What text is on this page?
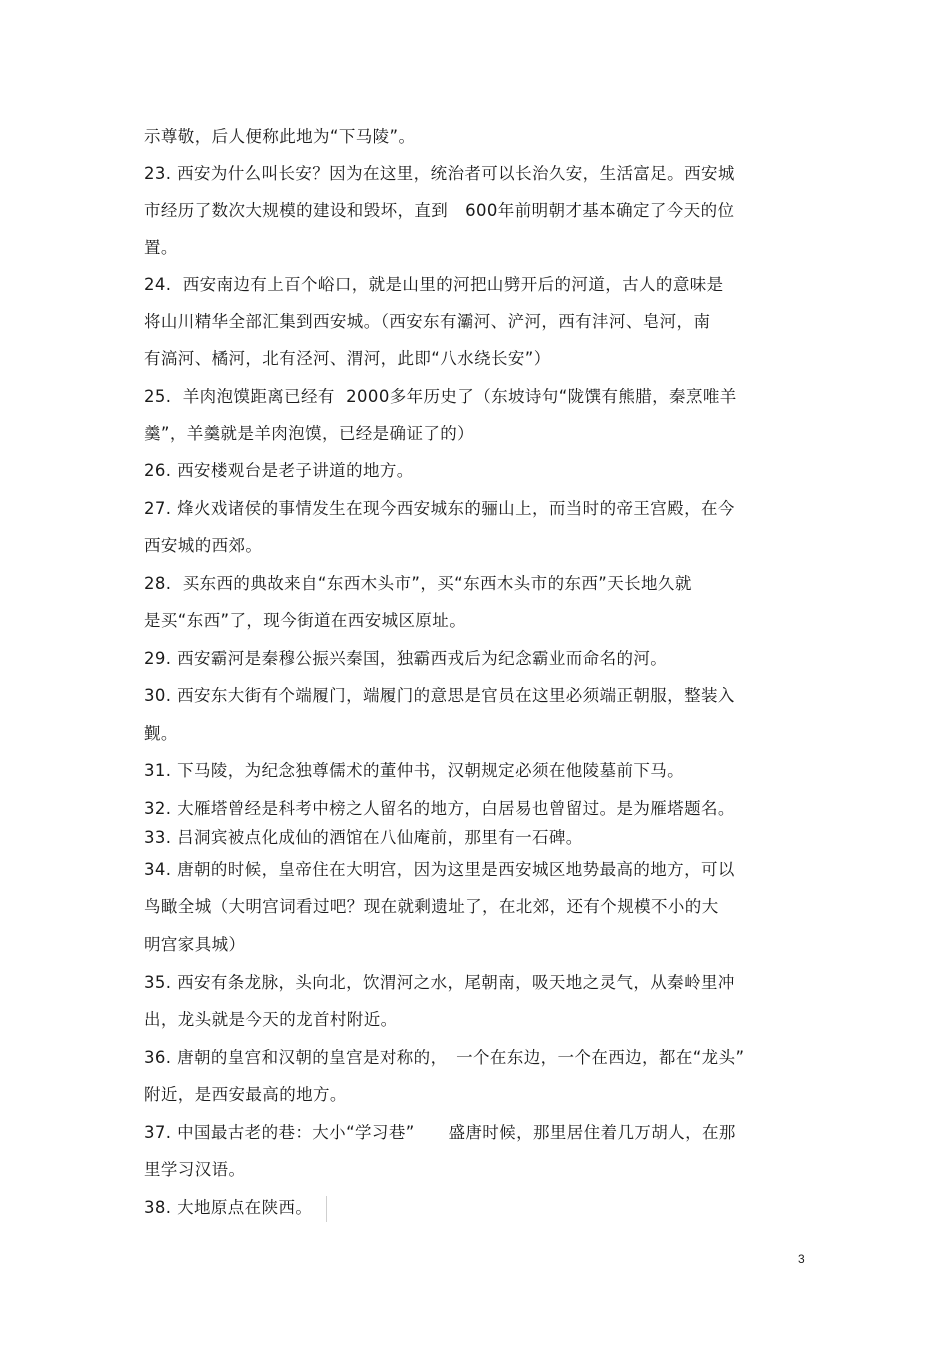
示尊敬，后人便称此地为“下马陵”。
23. 西安为什么叫长安？因为在这里，统治者可以长治久安，生活富足。西安城
市经历了数次大规模的建设和毁坏，直到　600年前明朝才基本确定了今天的位
置。
24.  西安南边有上百个峪口，就是山里的河把山劈开后的河道，古人的意味是
将山川精华全部汇集到西安城。（西安东有灞河、浐河，西有沣河、皂河，南
有滈河、橘河，北有泾河、渭河，此即“八水绕长安”）
25.  羊肉泡馍距离已经有  2000多年历史了（东坡诗句“陇馔有熊腊，秦烹唯羊
羹”，羊羹就是羊肉泡馍，已经是确证了的）
26. 西安楼观台是老子讲道的地方。
27. 烽火戏诸侯的事情发生在现今西安城东的骊山上，而当时的帝王宫殿，在今
西安城的西郊。
28.  买东西的典故来自“东西木头市”，买“东西木头市的东西”天长地久就
是买“东西”了，现今街道在西安城区原址。
29. 西安霸河是秦穆公振兴秦国，独霸西戎后为纪念霸业而命名的河。
30. 西安东大街有个端履门，端履门的意思是官员在这里必须端正朝服，整装入
觐。
31. 下马陵，为纪念独尊儒术的董仲书，汉朝规定必须在他陵墓前下马。
32. 大雁塔曾经是科考中榜之人留名的地方，白居易也曾留过。是为雁塔题名。
33. 吕洞宾被点化成仙的酒馆在八仙庵前，那里有一石碑。
34. 唐朝的时候，皇帝住在大明宫，因为这里是西安城区地势最高的地方，可以
鸟瞰全城（大明宫词看过吧？现在就剩遗址了，在北郊，还有个规模不小的大
明宫家具城）
35. 西安有条龙脉，头向北，饮渭河之水，尾朝南，吸天地之灵气，从秦岭里冲
出，龙头就是今天的龙首村附近。
36. 唐朝的皇宫和汉朝的皇宫是对称的，　一个在东边，一个在西边，都在“龙头”
附近，是西安最高的地方。
37. 中国最古老的巷：大小“学习巷”　　盛唐时候，那里居住着几万胡人，在那
里学习汉语。
38. 大地原点在陕西。
3
